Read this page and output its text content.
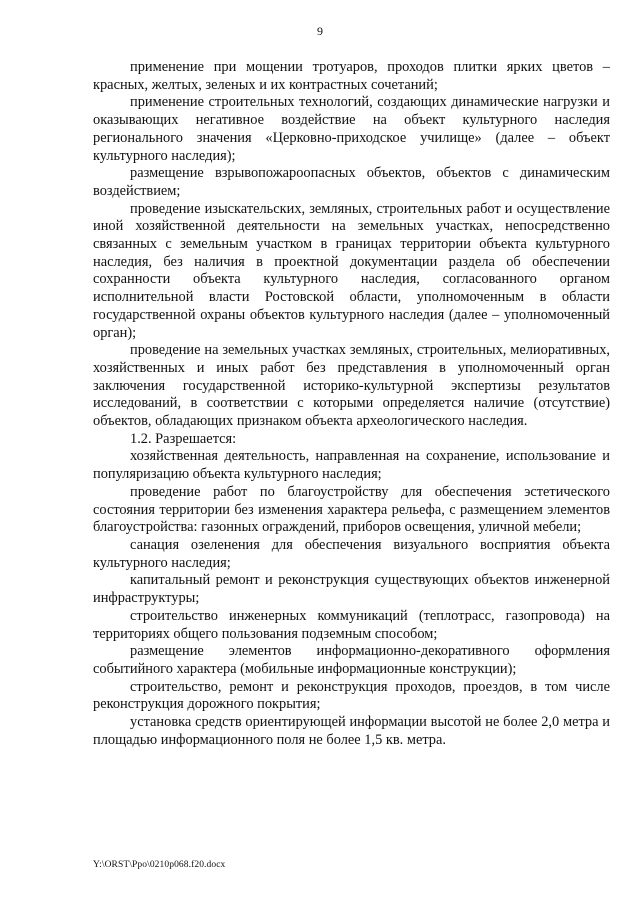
9

применение при мощении тротуаров, проходов плитки ярких цветов – красных, желтых, зеленых и их контрастных сочетаний;

применение строительных технологий, создающих динамические нагрузки и оказывающих негативное воздействие на объект культурного наследия регионального значения «Церковно-приходское училище» (далее – объект культурного наследия);

размещение взрывопожароопасных объектов, объектов с динамическим воздействием;

проведение изыскательских, земляных, строительных работ и осуществление иной хозяйственной деятельности на земельных участках, непосредственно связанных с земельным участком в границах территории объекта культурного наследия, без наличия в проектной документации раздела об обеспечении сохранности объекта культурного наследия, согласованного органом исполнительной власти Ростовской области, уполномоченным в области государственной охраны объектов культурного наследия (далее – уполномоченный орган);

проведение на земельных участках земляных, строительных, мелиоративных, хозяйственных и иных работ без представления в уполномоченный орган заключения государственной историко-культурной экспертизы результатов исследований, в соответствии с которыми определяется наличие (отсутствие) объектов, обладающих признаком объекта археологического наследия.

1.2. Разрешается:

хозяйственная деятельность, направленная на сохранение, использование и популяризацию объекта культурного наследия;

проведение работ по благоустройству для обеспечения эстетического состояния территории без изменения характера рельефа, с размещением элементов благоустройства: газонных ограждений, приборов освещения, уличной мебели;

санация озеленения для обеспечения визуального восприятия объекта культурного наследия;

капитальный ремонт и реконструкция существующих объектов инженерной инфраструктуры;

строительство инженерных коммуникаций (теплотрасс, газопровода) на территориях общего пользования подземным способом;

размещение элементов информационно-декоративного оформления событийного характера (мобильные информационные конструкции);

строительство, ремонт и реконструкция проходов, проездов, в том числе реконструкция дорожного покрытия;

установка средств ориентирующей информации высотой не более 2,0 метра и площадью информационного поля не более 1,5 кв. метра.

Y:\ORST\Ppo\0210p068.f20.docx
